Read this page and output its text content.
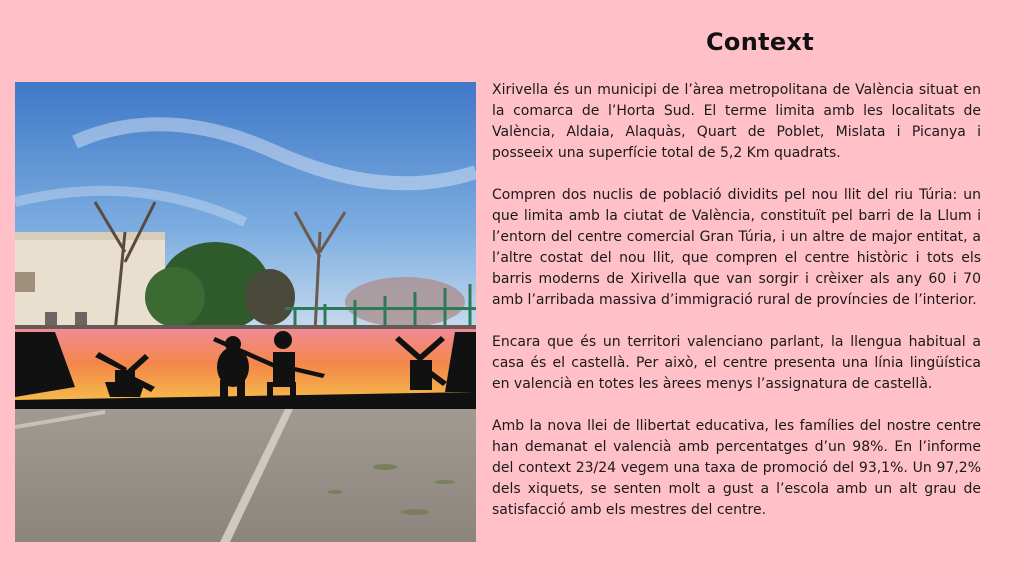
Context

Xirivella és un municipi de l’àrea metropolitana de València situat en la comarca de l’Horta Sud. El terme limita amb les localitats de València, Aldaia, Alaquàs, Quart de Poblet, Mislata i Picanya i posseeix una superfície total de 5,2 Km quadrats.

Compren dos nuclis de població dividits pel nou llit del riu Túria: un que limita amb la ciutat de València, constituït pel barri de la Llum i l’entorn del centre comercial Gran Túria, i un altre de major entitat, a l’altre costat del nou llit, que compren el centre històric i tots els barris moderns de Xirivella que van sorgir i crèixer als any 60 i 70 amb l’arribada massiva d’immigració rural de províncies de l’interior.

Encara que és un territori valenciano parlant, la llengua habitual a casa és el castellà. Per això, el centre presenta una línia lingüística en valencià en totes les àrees menys l’assignatura de castellà.

Amb la nova llei de llibertat educativa, les famílies del nostre centre han demanat el valencià amb percentatges d’un 98%. En l’informe del context 23/24 vegem una taxa de promoció del 93,1%. Un 97,2% dels xiquets, se senten molt a gust a l’escola amb un alt grau de satisfacció amb els mestres del centre.
